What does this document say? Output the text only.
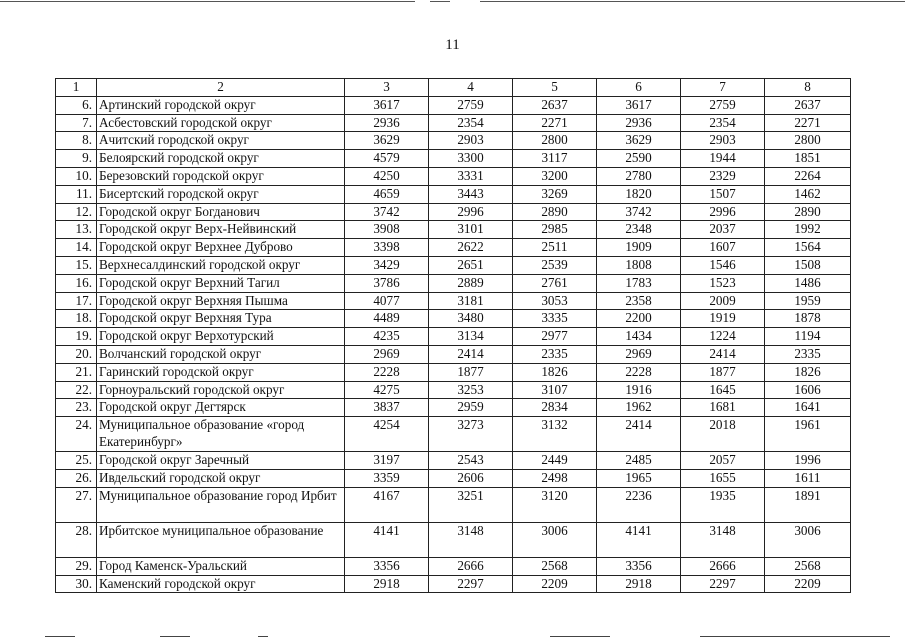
11
1	2	3	4	5	6	7	8
6.	Артинский городской округ	3617	2759	2637	3617	2759	2637
7.	Асбестовский городской округ	2936	2354	2271	2936	2354	2271
8.	Ачитский городской округ	3629	2903	2800	3629	2903	2800
9.	Белоярский городской округ	4579	3300	3117	2590	1944	1851
10.	Березовский городской округ	4250	3331	3200	2780	2329	2264
11.	Бисертский городской округ	4659	3443	3269	1820	1507	1462
12.	Городской округ Богданович	3742	2996	2890	3742	2996	2890
13.	Городской округ Верх-Нейвинский	3908	3101	2985	2348	2037	1992
14.	Городской округ Верхнее Дуброво	3398	2622	2511	1909	1607	1564
15.	Верхнесалдинский городской округ	3429	2651	2539	1808	1546	1508
16.	Городской округ Верхний Тагил	3786	2889	2761	1783	1523	1486
17.	Городской округ Верхняя Пышма	4077	3181	3053	2358	2009	1959
18.	Городской округ Верхняя Тура	4489	3480	3335	2200	1919	1878
19.	Городской округ Верхотурский	4235	3134	2977	1434	1224	1194
20.	Волчанский городской округ	2969	2414	2335	2969	2414	2335
21.	Гаринский городской округ	2228	1877	1826	2228	1877	1826
22.	Горноуральский городской округ	4275	3253	3107	1916	1645	1606
23.	Городской округ Дегтярск	3837	2959	2834	1962	1681	1641
24.	Муниципальное образование «город Екатеринбург»	4254	3273	3132	2414	2018	1961
25.	Городской округ Заречный	3197	2543	2449	2485	2057	1996
26.	Ивдельский городской округ	3359	2606	2498	1965	1655	1611
27.	Муниципальное образование город Ирбит	4167	3251	3120	2236	1935	1891
28.	Ирбитское муниципальное образование	4141	3148	3006	4141	3148	3006
29.	Город Каменск-Уральский	3356	2666	2568	3356	2666	2568
30.	Каменский городской округ	2918	2297	2209	2918	2297	2209
